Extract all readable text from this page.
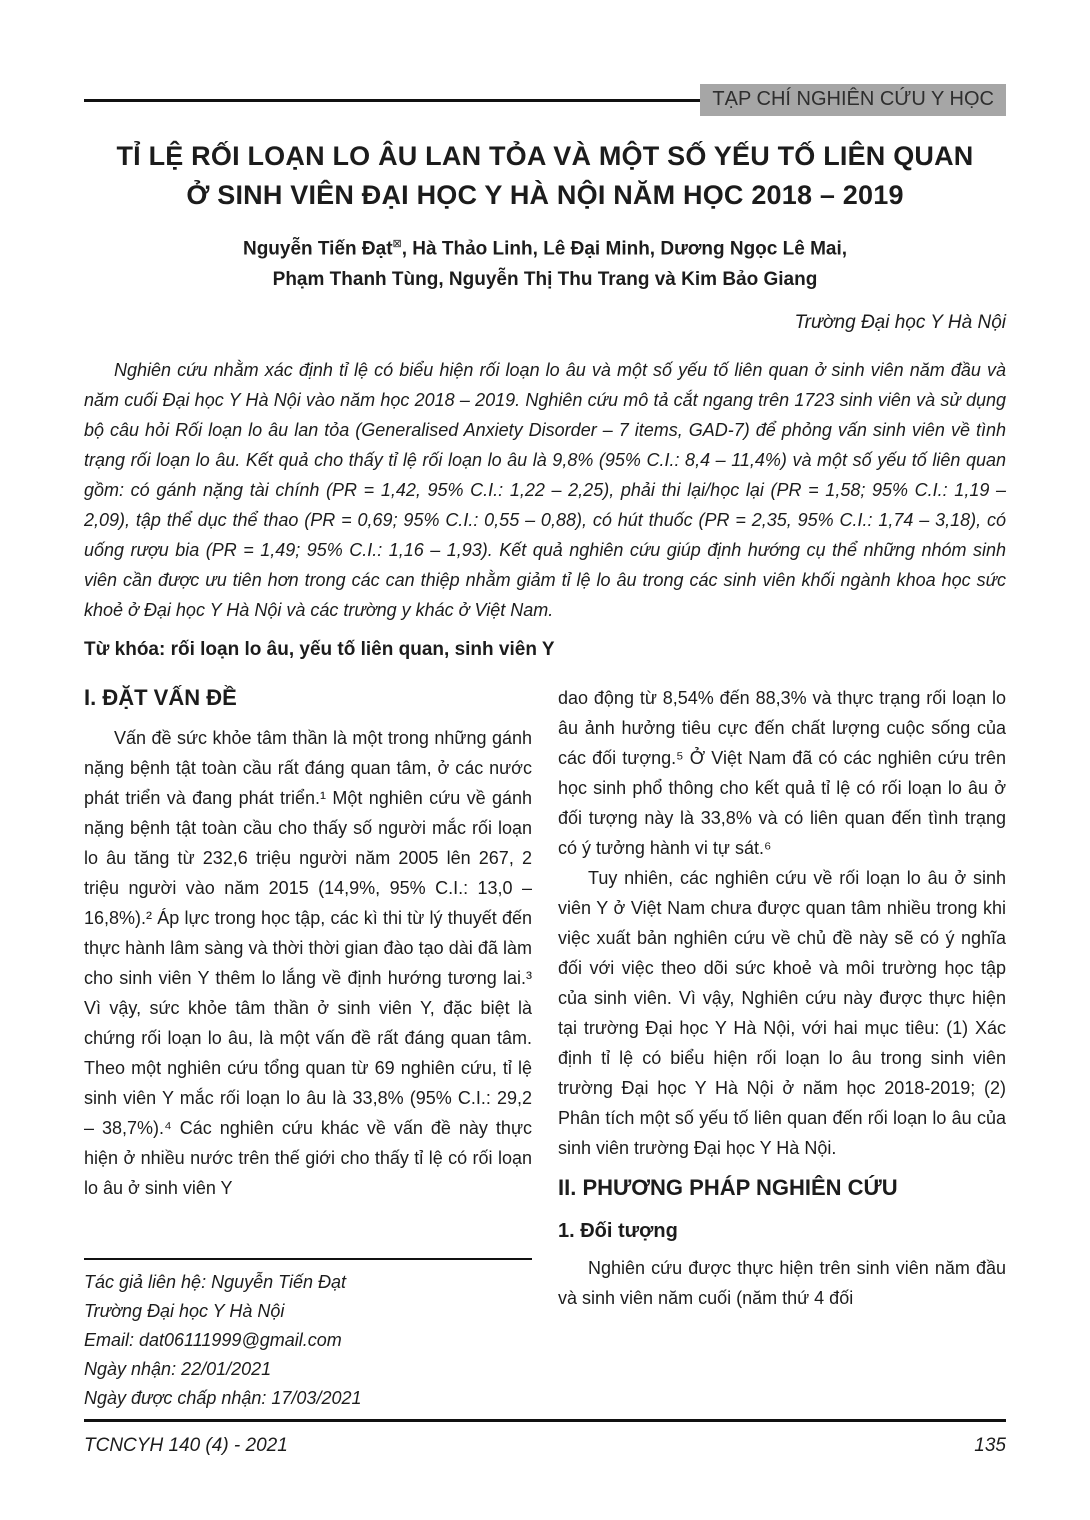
TẠP CHÍ NGHIÊN CỨU Y HỌC
TỈ LỆ RỐI LOẠN LO ÂU LAN TỎA VÀ MỘT SỐ YẾU TỐ LIÊN QUAN
Ở SINH VIÊN ĐẠI HỌC Y HÀ NỘI NĂM HỌC 2018 – 2019
Nguyễn Tiến Đạt⊠, Hà Thảo Linh, Lê Đại Minh, Dương Ngọc Lê Mai,
Phạm Thanh Tùng, Nguyễn Thị Thu Trang và Kim Bảo Giang
Trường Đại học Y Hà Nội
Nghiên cứu nhằm xác định tỉ lệ có biểu hiện rối loạn lo âu và một số yếu tố liên quan ở sinh viên năm đầu và năm cuối Đại học Y Hà Nội vào năm học 2018 – 2019. Nghiên cứu mô tả cắt ngang trên 1723 sinh viên và sử dụng bộ câu hỏi Rối loạn lo âu lan tỏa (Generalised Anxiety Disorder – 7 items, GAD-7) để phỏng vấn sinh viên về tình trạng rối loạn lo âu. Kết quả cho thấy tỉ lệ rối loạn lo âu là 9,8% (95% C.I.: 8,4 – 11,4%) và một số yếu tố liên quan gồm: có gánh nặng tài chính (PR = 1,42, 95% C.I.: 1,22 – 2,25), phải thi lại/học lại (PR = 1,58; 95% C.I.: 1,19 – 2,09), tập thể dục thể thao (PR = 0,69; 95% C.I.: 0,55 – 0,88), có hút thuốc (PR = 2,35, 95% C.I.: 1,74 – 3,18), có uống rượu bia (PR = 1,49; 95% C.I.: 1,16 – 1,93). Kết quả nghiên cứu giúp định hướng cụ thể những nhóm sinh viên cần được ưu tiên hơn trong các can thiệp nhằm giảm tỉ lệ lo âu trong các sinh viên khối ngành khoa học sức khoẻ ở Đại học Y Hà Nội và các trường y khác ở Việt Nam.
Từ khóa: rối loạn lo âu, yếu tố liên quan, sinh viên Y
I. ĐẶT VẤN ĐỀ

Vấn đề sức khỏe tâm thần là một trong những gánh nặng bệnh tật toàn cầu rất đáng quan tâm, ở các nước phát triển và đang phát triển.¹ Một nghiên cứu về gánh nặng bệnh tật toàn cầu cho thấy số người mắc rối loạn lo âu tăng từ 232,6 triệu người năm 2005 lên 267, 2 triệu người vào năm 2015 (14,9%, 95% C.I.: 13,0 – 16,8%).² Áp lực trong học tập, các kì thi từ lý thuyết đến thực hành lâm sàng và thời thời gian đào tạo dài đã làm cho sinh viên Y thêm lo lắng về định hướng tương lai.³ Vì vậy, sức khỏe tâm thần ở sinh viên Y, đặc biệt là chứng rối loạn lo âu, là một vấn đề rất đáng quan tâm. Theo một nghiên cứu tổng quan từ 69 nghiên cứu, tỉ lệ sinh viên Y mắc rối loạn lo âu là 33,8% (95% C.I.: 29,2 – 38,7%).⁴ Các nghiên cứu khác về vấn đề này thực hiện ở nhiều nước trên thế giới cho thấy tỉ lệ có rối loạn lo âu ở sinh viên Y

Tác giả liên hệ: Nguyễn Tiến Đạt
Trường Đại học Y Hà Nội
Email: dat06111999@gmail.com
Ngày nhận: 22/01/2021
Ngày được chấp nhận: 17/03/2021

dao động từ 8,54% đến 88,3% và thực trạng rối loạn lo âu ảnh hưởng tiêu cực đến chất lượng cuộc sống của các đối tượng.⁵ Ở Việt Nam đã có các nghiên cứu trên học sinh phổ thông cho kết quả tỉ lệ có rối loạn lo âu ở đối tượng này là 33,8% và có liên quan đến tình trạng có ý tưởng hành vi tự sát.⁶

Tuy nhiên, các nghiên cứu về rối loạn lo âu ở sinh viên Y ở Việt Nam chưa được quan tâm nhiều trong khi việc xuất bản nghiên cứu về chủ đề này sẽ có ý nghĩa đối với việc theo dõi sức khoẻ và môi trường học tập của sinh viên. Vì vậy, Nghiên cứu này được thực hiện tại trường Đại học Y Hà Nội, với hai mục tiêu: (1) Xác định tỉ lệ có biểu hiện rối loạn lo âu trong sinh viên trường Đại học Y Hà Nội ở năm học 2018-2019; (2) Phân tích một số yếu tố liên quan đến rối loạn lo âu của sinh viên trường Đại học Y Hà Nội.

II. PHƯƠNG PHÁP NGHIÊN CỨU
1. Đối tượng

Nghiên cứu được thực hiện trên sinh viên năm đầu và sinh viên năm cuối (năm thứ 4 đối

TCNCYH 140 (4) - 2021	135
